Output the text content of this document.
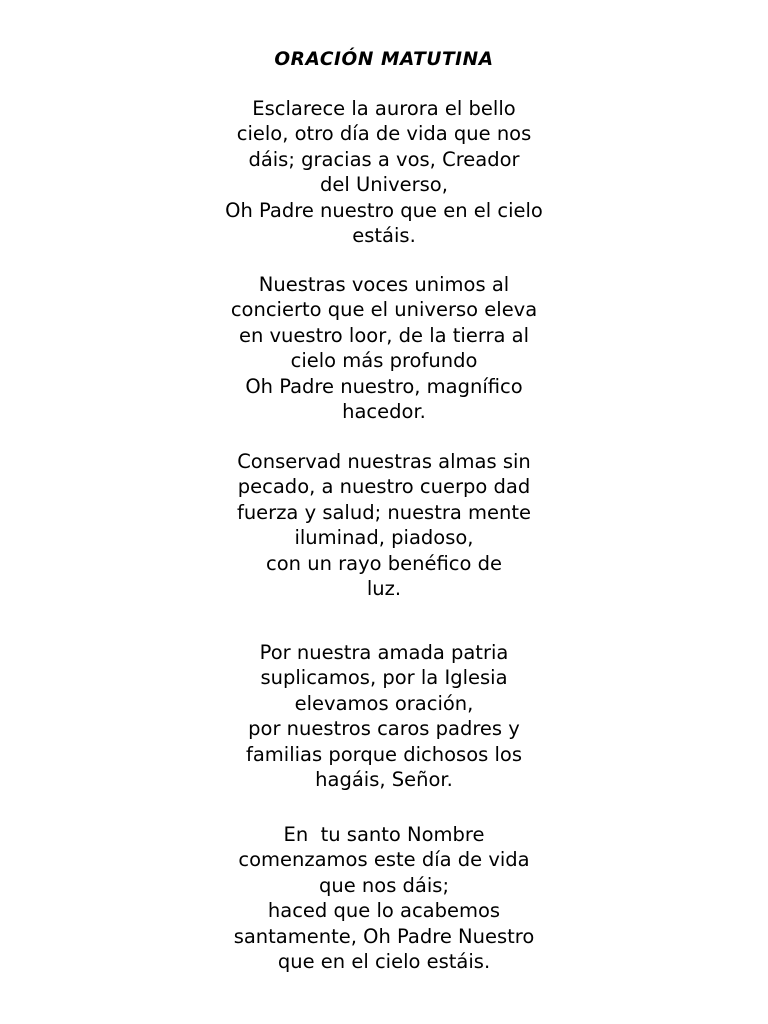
ORACIÓN MATUTINA

Esclarece la aurora el bello
cielo, otro día de vida que nos
dáis; gracias a vos, Creador
del Universo,
Oh Padre nuestro que en el cielo
estáis.

Nuestras voces unimos al
concierto que el universo eleva
en vuestro loor, de la tierra al
cielo más profundo
Oh Padre nuestro, magnífico
hacedor.

Conservad nuestras almas sin
pecado, a nuestro cuerpo dad
fuerza y salud; nuestra mente
iluminad, piadoso,
con un rayo benéfico de
luz.

Por nuestra amada patria
suplicamos, por la Iglesia
elevamos oración,
por nuestros caros padres y
familias porque dichosos los
hagáis, Señor.

En  tu santo Nombre
comenzamos este día de vida
que nos dáis;
haced que lo acabemos
santamente, Oh Padre Nuestro
que en el cielo estáis.
